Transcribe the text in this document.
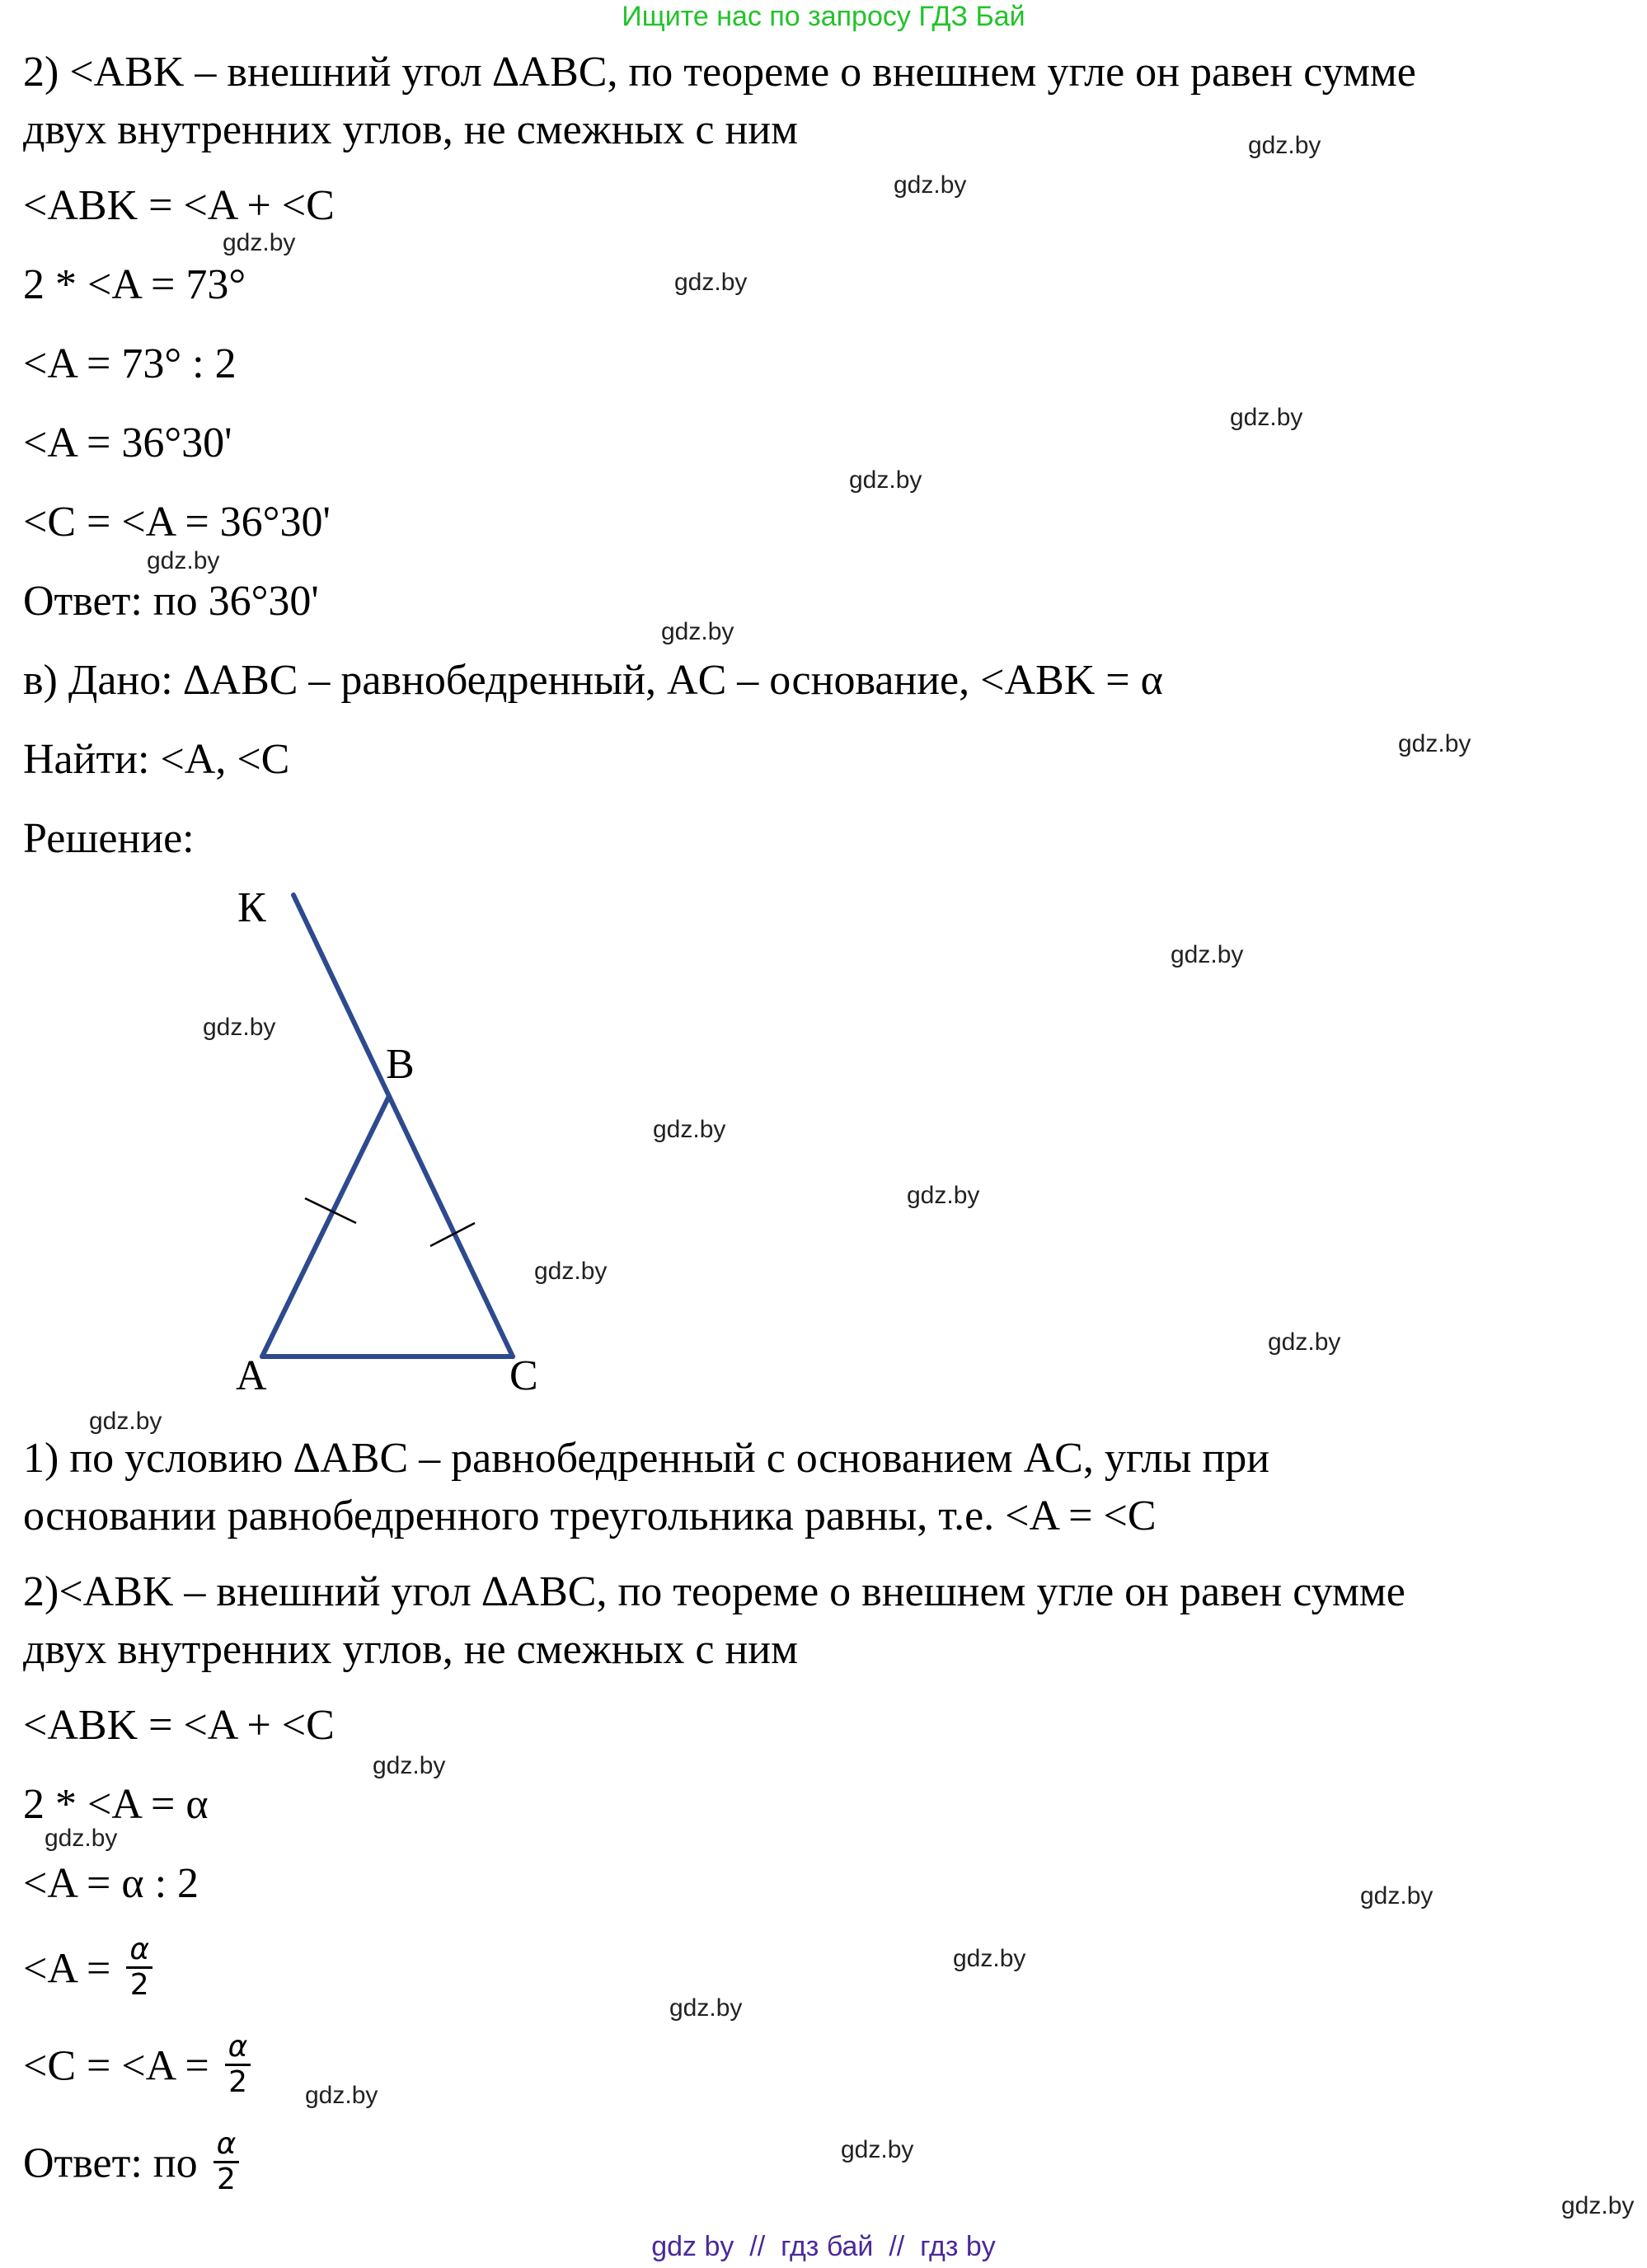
Ищите нас по запросу ГДЗ Бай
2) <ABK – внешний угол ∆ABC, по теореме о внешнем угле он равен сумме
двух внутренних углов, не смежных с ним
<ABK = <A + <C
2 * <A = 73°
<A = 73° : 2
<A = 36°30'
<C = <A = 36°30'
Ответ: по 36°30'
в) Дано: ∆ABC – равнобедренный, AC – основание, <ABK = α
Найти: <A, <C
Решение:
К
B
A	C
1) по условию ∆ABC – равнобедренный с основанием AC, углы при
основании равнобедренного треугольника равны, т.е. <A = <C
2)<ABK – внешний угол ∆ABC, по теореме о внешнем угле он равен сумме
двух внутренних углов, не смежных с ним
<ABK = <A + <C
2 * <A = α
<A = α : 2
$<A = \frac{\alpha}{2}$
$<C = <A = \frac{\alpha}{2}$
Ответ: по $\frac{\alpha}{2}$
gdz.by
gdz.by
gdz.by
gdz.by
gdz.by
gdz.by
gdz.by
gdz.by
gdz.by
gdz.by
gdz.by
gdz.by
gdz.by
gdz.by
gdz.by
gdz.by
gdz.by
gdz.by
gdz.by
gdz.by
gdz.by
gdz.by
gdz.by
gdz.by
gdz by  //  гдз бай  //  гдз by
